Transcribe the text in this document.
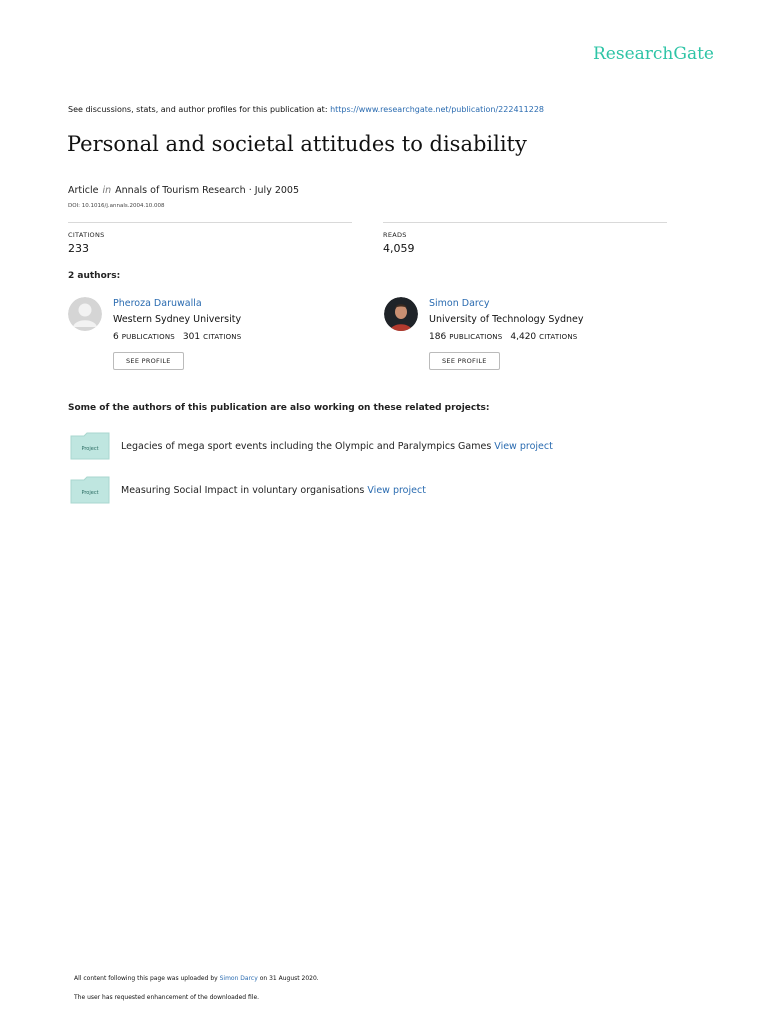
ResearchGate
See discussions, stats, and author profiles for this publication at: https://www.researchgate.net/publication/222411228
Personal and societal attitudes to disability
Article in Annals of Tourism Research · July 2005
DOI: 10.1016/j.annals.2004.10.008
CITATIONS
233
READS
4,059
2 authors:
Pheroza Daruwalla
Western Sydney University
6 PUBLICATIONS 301 CITATIONS
SEE PROFILE
Simon Darcy
University of Technology Sydney
186 PUBLICATIONS 4,420 CITATIONS
SEE PROFILE
Some of the authors of this publication are also working on these related projects:
Project Legacies of mega sport events including the Olympic and Paralympics Games View project
Project Measuring Social Impact in voluntary organisations View project
All content following this page was uploaded by Simon Darcy on 31 August 2020.
The user has requested enhancement of the downloaded file.
